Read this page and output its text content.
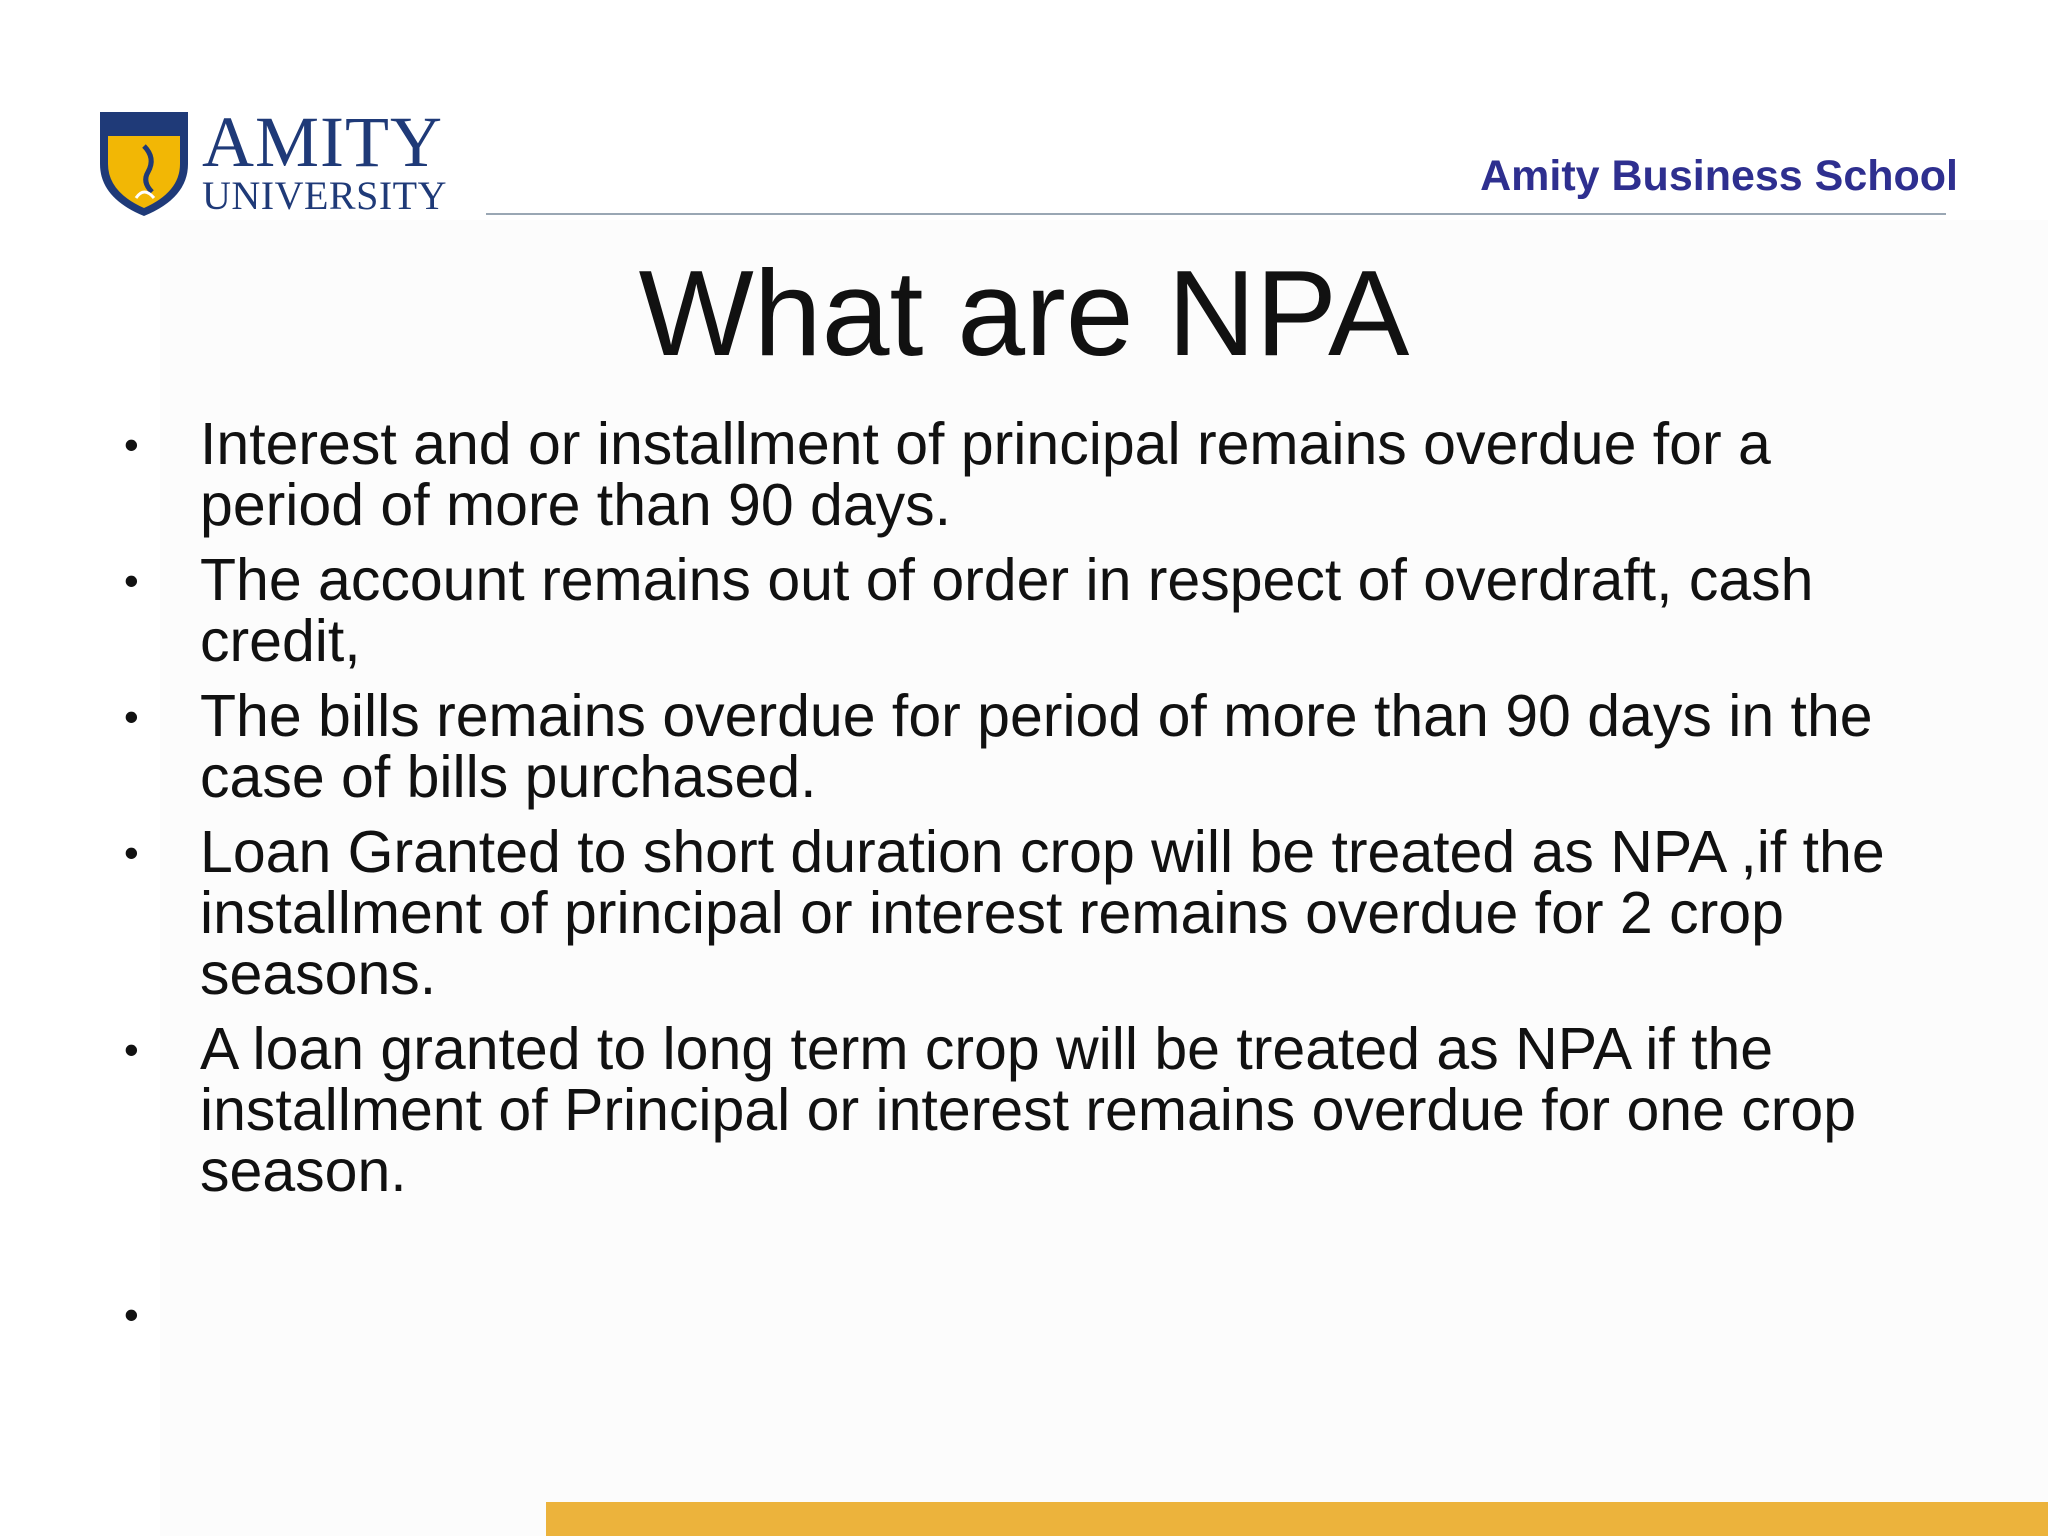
AMITY
UNIVERSITY	Amity Business School
What are NPA
• Interest and or installment of principal remains overdue for a period of more than 90 days.
• The account remains out of order in respect of overdraft, cash credit,
• The bills remains overdue for period of more than 90 days in the case of bills purchased.
• Loan Granted to short duration crop will be treated as NPA ,if the installment of principal or interest remains overdue for 2 crop seasons.
• A loan granted to long term crop will be treated as NPA if the installment of Principal or interest remains overdue for one crop season.
•
